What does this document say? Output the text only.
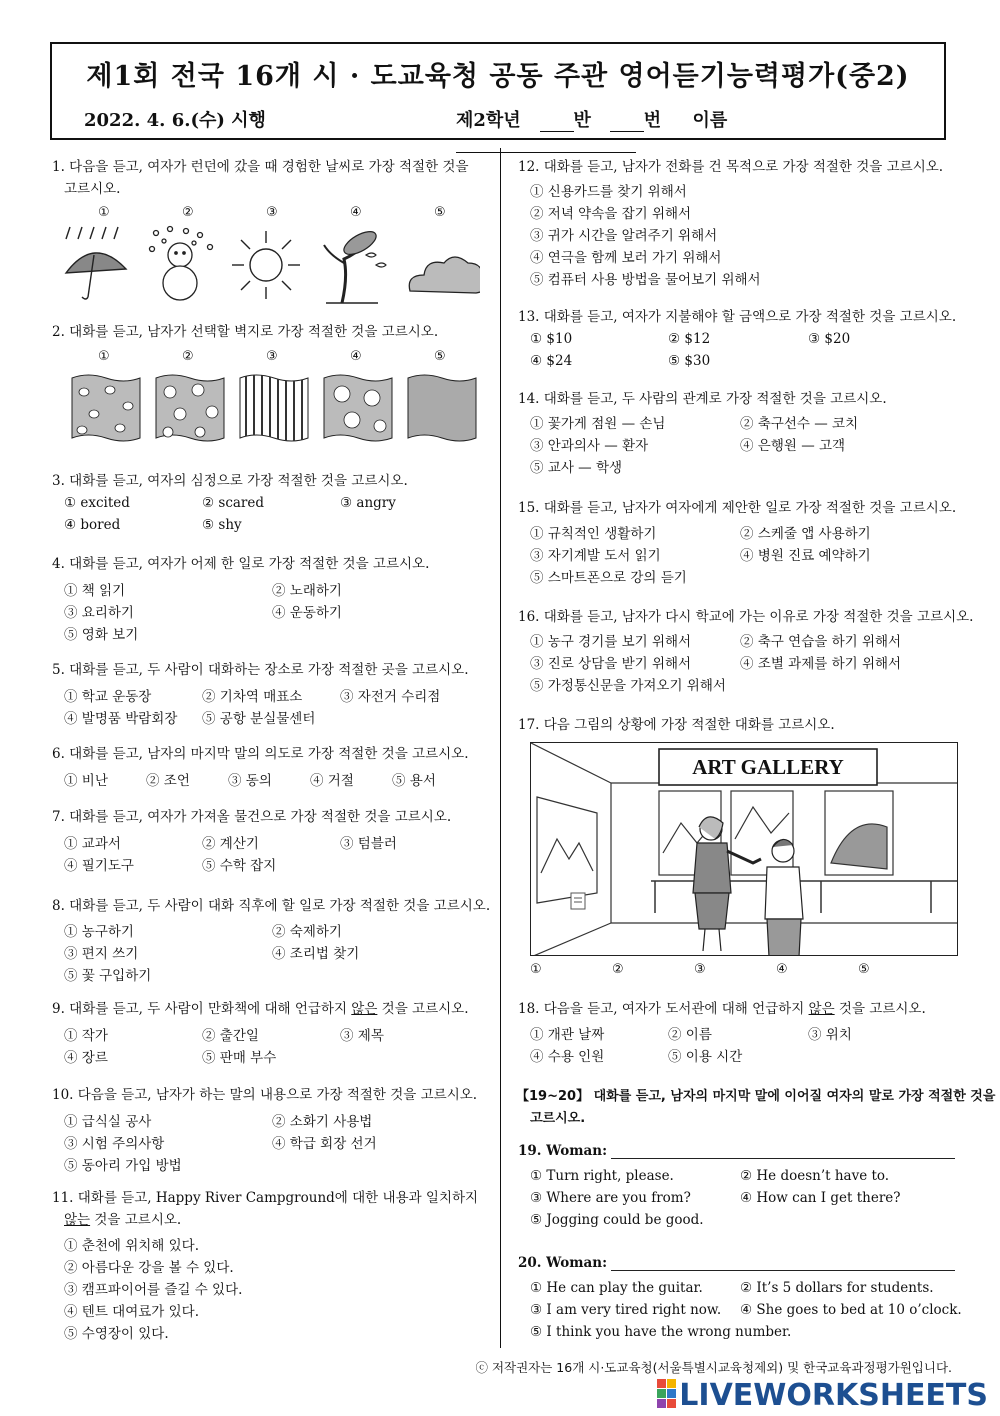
제1회 전국 16개 시 · 도교육청 공동 주관 영어듣기능력평가(중2)
2022. 4. 6.(수) 시행	제2학년	반	번 이름
1. 다음을 듣고, 여자가 런던에 갔을 때 경험한 날씨로 가장 적절한 것을
고르시오.
①	②	③	④	⑤
2. 대화를 듣고, 남자가 선택할 벽지로 가장 적절한 것을 고르시오.
①	②	③	④	⑤
3. 대화를 듣고, 여자의 심정으로 가장 적절한 것을 고르시오.
① excited	② scared	③ angry
④ bored	⑤ shy
4. 대화를 듣고, 여자가 어제 한 일로 가장 적절한 것을 고르시오.
① 책 읽기	② 노래하기
③ 요리하기	④ 운동하기
⑤ 영화 보기
5. 대화를 듣고, 두 사람이 대화하는 장소로 가장 적절한 곳을 고르시오.
① 학교 운동장	② 기차역 매표소	③ 자전거 수리점
④ 발명품 박람회장 ⑤ 공항 분실물센터
6. 대화를 듣고, 남자의 마지막 말의 의도로 가장 적절한 것을 고르시오.
① 비난	② 조언	③ 동의	④ 거절	⑤ 용서
7. 대화를 듣고, 여자가 가져올 물건으로 가장 적절한 것을 고르시오.
① 교과서	② 계산기	③ 텀블러
④ 필기도구	⑤ 수학 잡지
8. 대화를 듣고, 두 사람이 대화 직후에 할 일로 가장 적절한 것을 고르시오.
① 농구하기	② 숙제하기
③ 편지 쓰기	④ 조리법 찾기
⑤ 꽃 구입하기
9. 대화를 듣고, 두 사람이 만화책에 대해 언급하지 않은 것을 고르시오.
① 작가	② 출간일	③ 제목
④ 장르	⑤ 판매 부수
10. 다음을 듣고, 남자가 하는 말의 내용으로 가장 적절한 것을 고르시오.
① 급식실 공사	② 소화기 사용법
③ 시험 주의사항	④ 학급 회장 선거
⑤ 동아리 가입 방법
11. 대화를 듣고, Happy River Campground에 대한 내용과 일치하지
않는 것을 고르시오.
① 춘천에 위치해 있다.
② 아름다운 강을 볼 수 있다.
③ 캠프파이어를 즐길 수 있다.
④ 텐트 대여료가 있다.
⑤ 수영장이 있다.
12. 대화를 듣고, 남자가 전화를 건 목적으로 가장 적절한 것을 고르시오.
① 신용카드를 찾기 위해서
② 저녁 약속을 잡기 위해서
③ 귀가 시간을 알려주기 위해서
④ 연극을 함께 보러 가기 위해서
⑤ 컴퓨터 사용 방법을 물어보기 위해서
13. 대화를 듣고, 여자가 지불해야 할 금액으로 가장 적절한 것을 고르시오.
① $10	② $12	③ $20
④ $24	⑤ $30
14. 대화를 듣고, 두 사람의 관계로 가장 적절한 것을 고르시오.
① 꽃가게 점원 — 손님	② 축구선수 — 코치
③ 안과의사 — 환자	④ 은행원 — 고객
⑤ 교사 — 학생
15. 대화를 듣고, 남자가 여자에게 제안한 일로 가장 적절한 것을 고르시오.
① 규칙적인 생활하기	② 스케줄 앱 사용하기
③ 자기계발 도서 읽기	④ 병원 진료 예약하기
⑤ 스마트폰으로 강의 듣기
16. 대화를 듣고, 남자가 다시 학교에 가는 이유로 가장 적절한 것을 고르시오.
① 농구 경기를 보기 위해서	② 축구 연습을 하기 위해서
③ 진로 상담을 받기 위해서	④ 조별 과제를 하기 위해서
⑤ 가정통신문을 가져오기 위해서
17. 다음 그림의 상황에 가장 적절한 대화를 고르시오.
ART GALLERY
①	②	③	④	⑤
18. 다음을 듣고, 여자가 도서관에 대해 언급하지 않은 것을 고르시오.
① 개관 날짜	② 이름	③ 위치
④ 수용 인원	⑤ 이용 시간
【19~20】 대화를 듣고, 남자의 마지막 말에 이어질 여자의 말로 가장 적절한 것을
고르시오.
19. Woman:
① Turn right, please.	② He doesn’t have to.
③ Where are you from?	④ How can I get there?
⑤ Jogging could be good.
20. Woman:
① He can play the guitar.	② It’s 5 dollars for students.
③ I am very tired right now. ④ She goes to bed at 10 o’clock.
⑤ I think you have the wrong number.
ⓒ 저작권자는 16개 시·도교육청(서울특별시교육청제외) 및 한국교육과정평가원입니다.
LIVEWORKSHEETS
